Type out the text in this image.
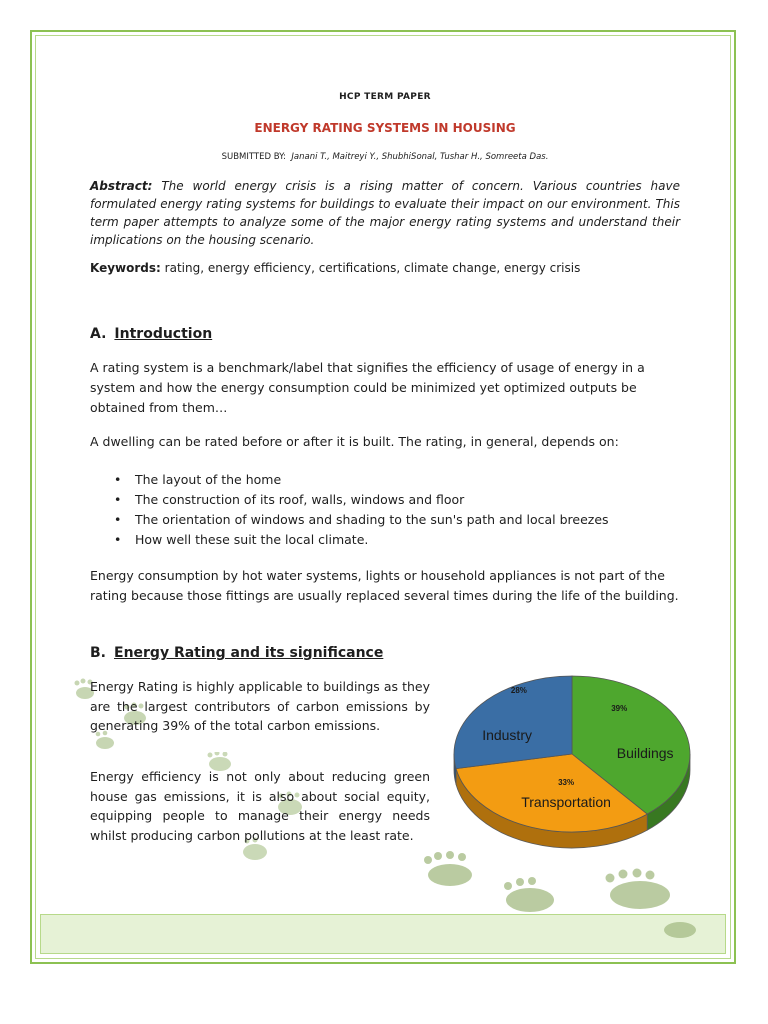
HCP TERM PAPER
ENERGY RATING SYSTEMS IN HOUSING
SUBMITTED BY: Janani T., Maitreyi Y., ShubhiSonal, Tushar H., Somreeta Das.
Abstract: The world energy crisis is a rising matter of concern. Various countries have formulated energy rating systems for buildings to evaluate their impact on our environment. This term paper attempts to analyze some of the major energy rating systems and understand their implications on the housing scenario.
Keywords: rating, energy efficiency, certifications, climate change, energy crisis
A. Introduction
A rating system is a benchmark/label that signifies the efficiency of usage of energy in a system and how the energy consumption could be minimized yet optimized outputs be obtained from them…
A dwelling can be rated before or after it is built. The rating, in general, depends on:
• The layout of the home
• The construction of its roof, walls, windows and floor
• The orientation of windows and shading to the sun's path and local breezes
• How well these suit the local climate.
Energy consumption by hot water systems, lights or household appliances is not part of the rating because those fittings are usually replaced several times during the life of the building.
B. Energy Rating and its significance
Energy Rating is highly applicable to buildings as they are the largest contributors of carbon emissions by generating 39% of the total carbon emissions.
Energy efficiency is not only about reducing green house gas emissions, it is also about social equity, equipping people to manage their energy needs whilst producing carbon pollutions at the least rate.
Buildings
39%
Transportation
33%
Industry
28%
